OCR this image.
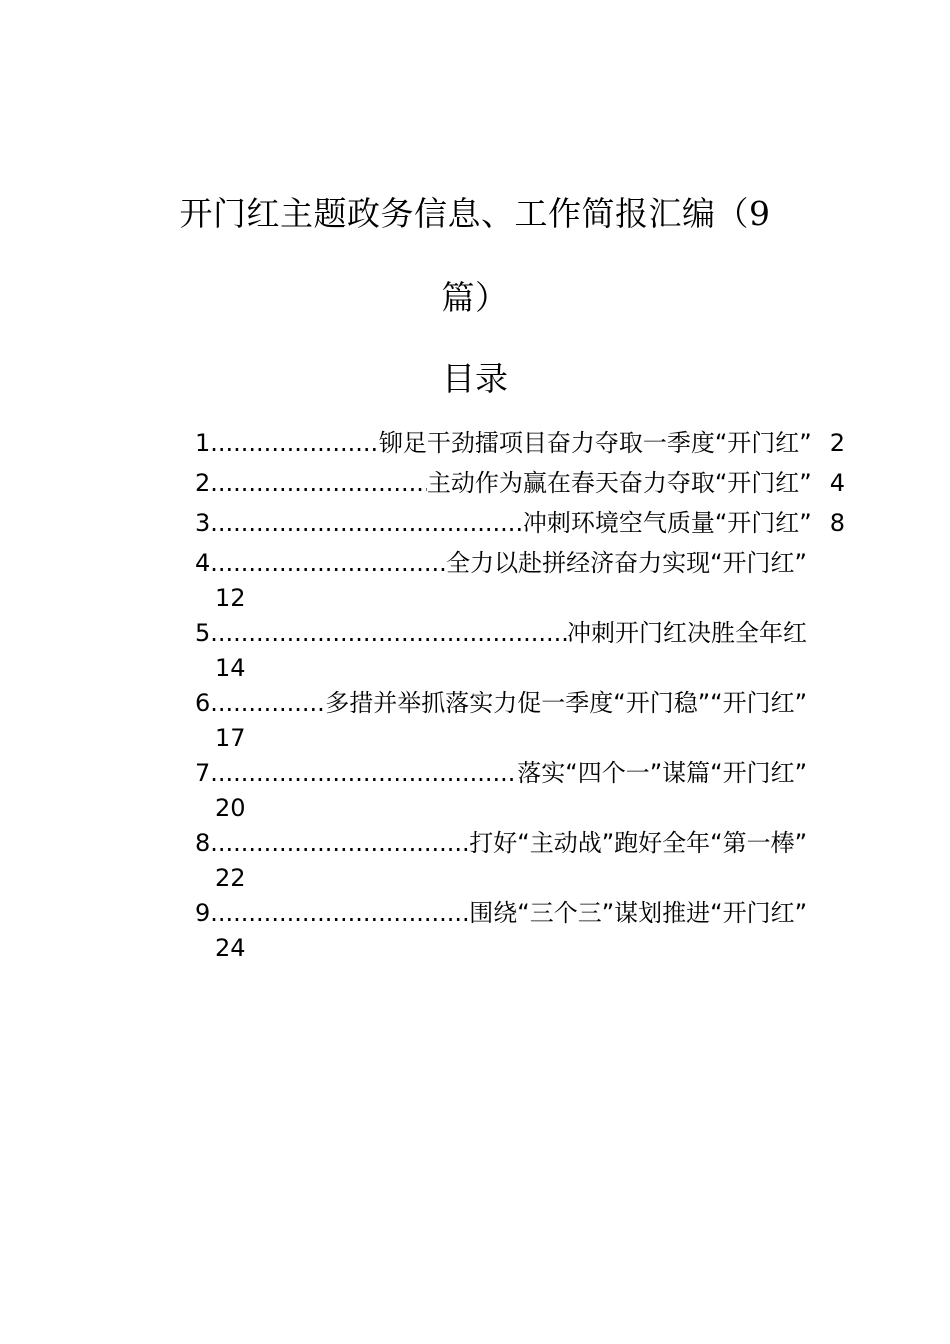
开门红主题政务信息、工作简报汇编（9
篇）
目录
1 .....	铆足干劲擂项目奋力夺取一季度“开门红” 2
2 .....	主动作为赢在春天奋力夺取“开门红” 4
3 .....	冲刺环境空气质量“开门红” 8
4 .....	全力以赴拼经济奋力实现“开门红”
12
5 .....	冲刺开门红决胜全年红
14
6 .....	多措并举抓落实力促一季度“开门稳”“开门红”
17
7 .....	落实“四个一”谋篇“开门红”
20
8 .....	打好“主动战”跑好全年“第一棒”
22
9 .....	围绕“三个三”谋划推进“开门红”
24
